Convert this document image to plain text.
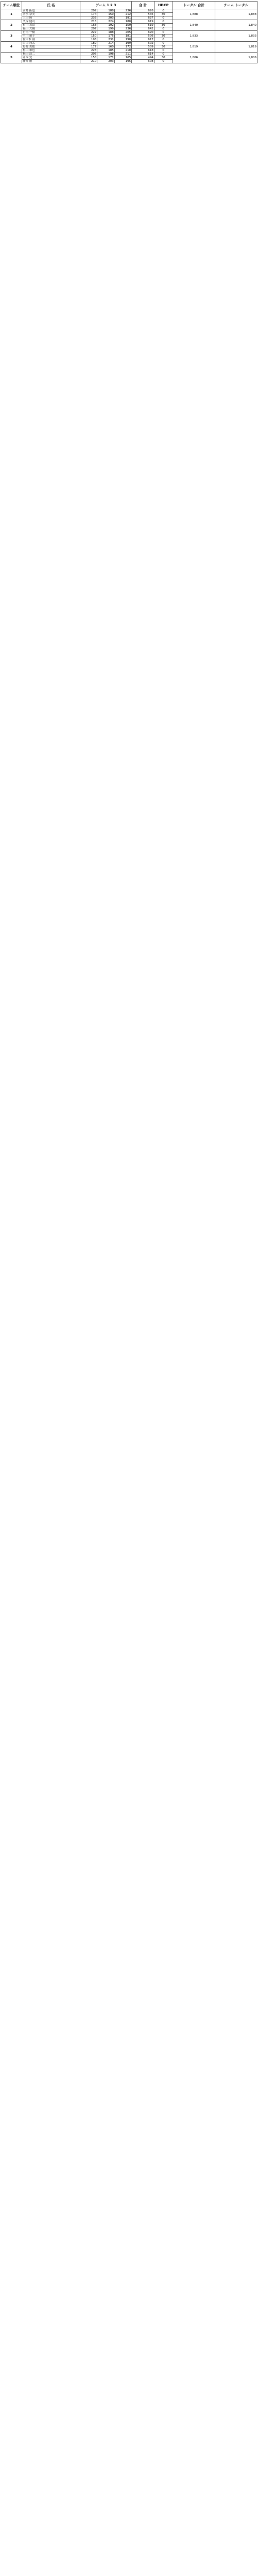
チーム順位	氏 名	ゲーム 1 2 3			合 計	HDCP	トータル 合計	チーム トータル
1	前野 拓也	202	188	236	626	0	1,888	1,888
	清水 奈美	174	159	212	545	30		
	上田 隆	233	203	191	627	0		
2	久保 健司	215	224	180	619	0	1,840	1,840
	石川 真由	168	192	159	519	30		
	福田 大輔	207	199	236	642	0		
3	竹内 一樹	227	188	205	620	0	1,833	1,833
	中川 裕子	150	175	181	506	30		
	佐々木 誠	196	231	190	617	0		
4	山口 翔太	189	214	199	602	0	1,819	1,819
	野村 美穂	177	160	172	509	30		
	杉山 和也	223	185	210	618	0		
5	松田 浩二	205	198	211	614	0	1,806	1,806
	岡本 愛	158	171	165	494	30		
	藤井 剛	210	203	195	608	0		
